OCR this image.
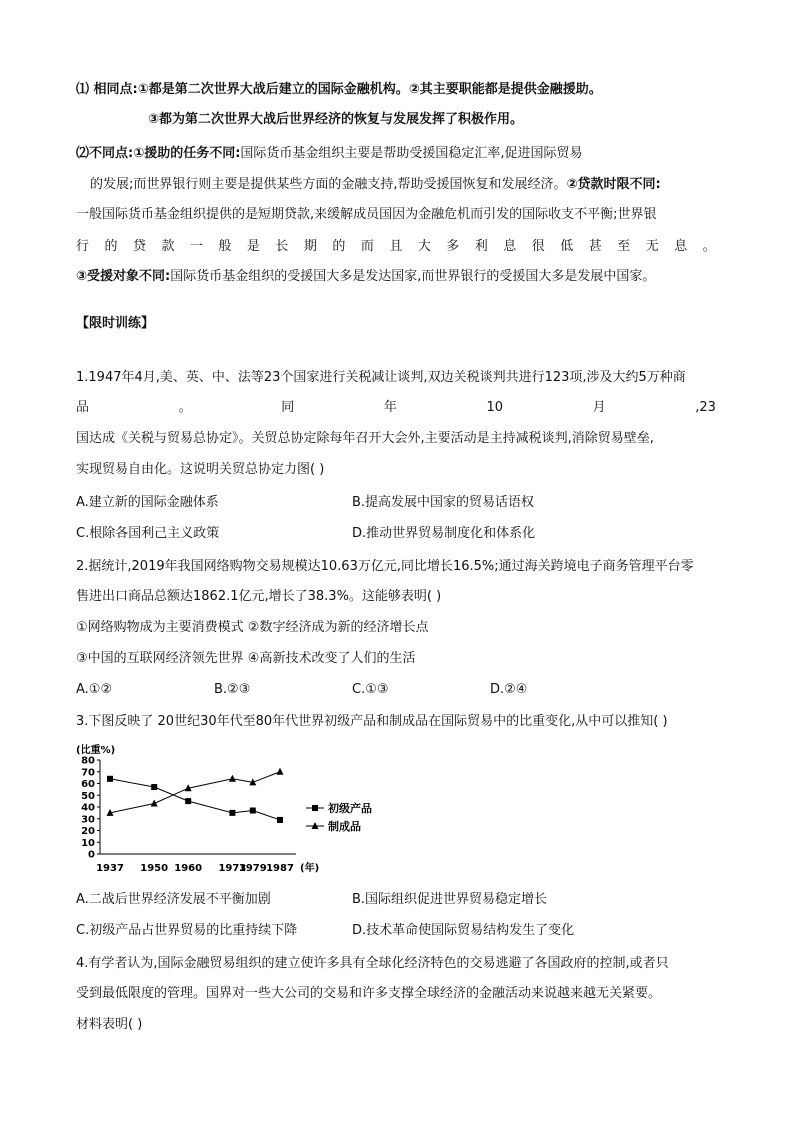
⑴ 相同点:①都是第二次世界大战后建立的国际金融机构。②其主要职能都是提供金融援助。
③都为第二次世界大战后世界经济的恢复与发展发挥了积极作用。
⑵不同点:①援助的任务不同:国际货币基金组织主要是帮助受援国稳定汇率,促进国际贸易
的发展;而世界银行则主要是提供某些方面的金融支持,帮助受援国恢复和发展经济。②贷款时限不同:
一般国际货币基金组织提供的是短期贷款,来缓解成员国因为金融危机而引发的国际收支不平衡;世界银
行 的 贷 款 一 般 是 长 期 的 而 且 大 多 利 息 很 低 甚 至 无 息 。
③受援对象不同:国际货币基金组织的受援国大多是发达国家,而世界银行的受援国大多是发展中国家。
【限时训练】
1.1947年4月,美、英、中、法等23个国家进行关税减让谈判,双边关税谈判共进行123项,涉及大约5万种商
品	。	同	年	10	月	,23
国达成《关税与贸易总协定》。关贸总协定除每年召开大会外,主要活动是主持减税谈判,消除贸易壁垒,
实现贸易自由化。这说明关贸总协定力图( )
A.建立新的国际金融体系	B.提高发展中国家的贸易话语权
C.根除各国利己主义政策	D.推动世界贸易制度化和体系化
2.据统计,2019年我国网络购物交易规模达10.63万亿元,同比增长16.5%;通过海关跨境电子商务管理平台零
售进出口商品总额达1862.1亿元,增长了38.3%。这能够表明( )
①网络购物成为主要消费模式 ②数字经济成为新的经济增长点
③中国的互联网经济领先世界 ④高新技术改变了人们的生活
A.①②	B.②③	C.①③	D.②④
3.下图反映了 20世纪30年代至80年代世界初级产品和制成品在国际贸易中的比重变化,从中可以推知( )
(比重%)
0
10
20
30
40
50
60
70
80
1937 1950 1960 1973
1979 1987 (年)
初级产品
制成品
A.二战后世界经济发展不平衡加剧	B.国际组织促进世界贸易稳定增长
C.初级产品占世界贸易的比重持续下降	D.技术革命使国际贸易结构发生了变化
4.有学者认为,国际金融贸易组织的建立使许多具有全球化经济特色的交易逃避了各国政府的控制,或者只
受到最低限度的管理。国界对一些大公司的交易和许多支撑全球经济的金融活动来说越来越无关紧要。
材料表明( )
